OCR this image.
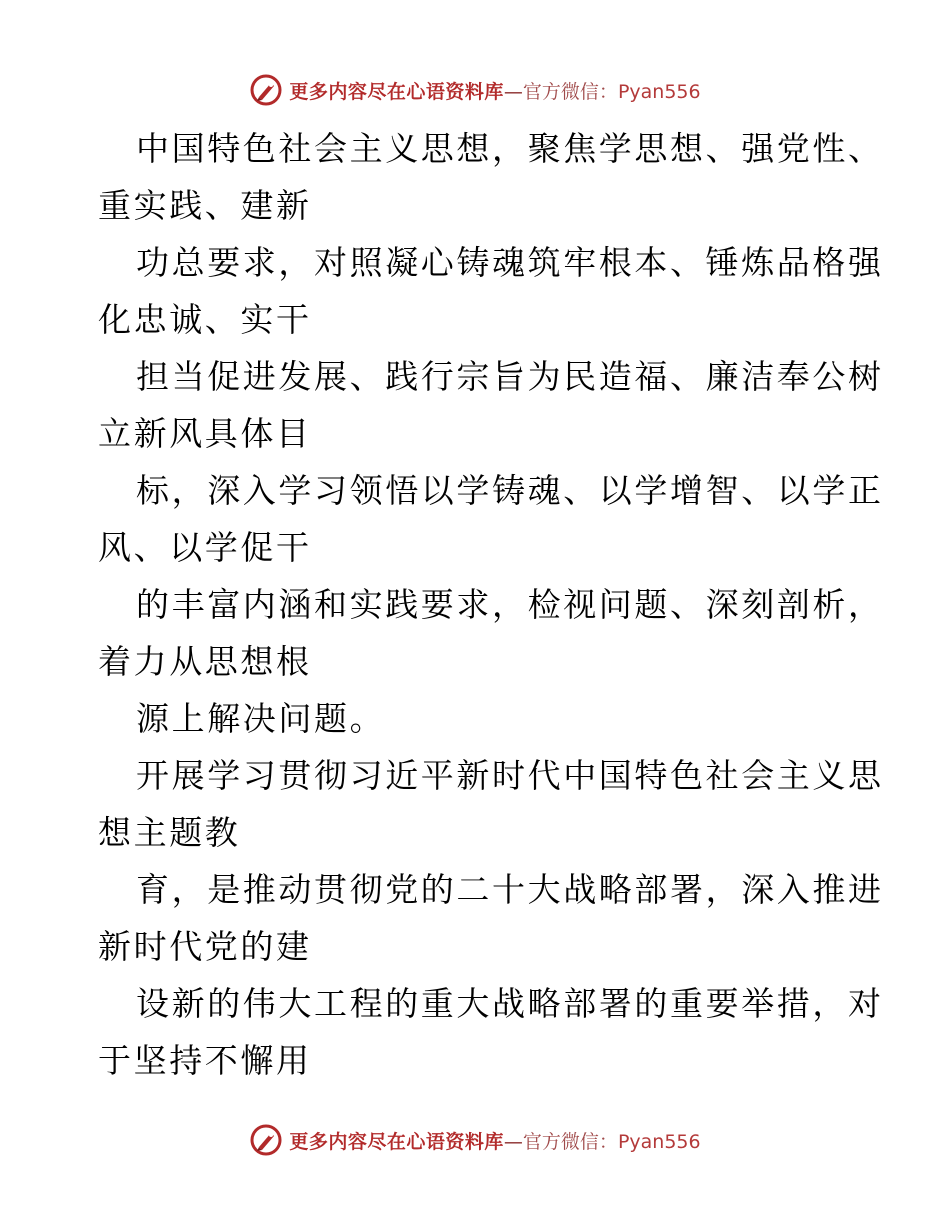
更多内容尽在心语资料库 — 官方微信： Pyan556
中国特色社会主义思想，聚焦学思想、强党性、
重实践、建新
功总要求，对照凝心铸魂筑牢根本、锤炼品格强
化忠诚、实干
担当促进发展、践行宗旨为民造福、廉洁奉公树
立新风具体目
标，深入学习领悟以学铸魂、以学增智、以学正
风、以学促干
的丰富内涵和实践要求，检视问题、深刻剖析，
着力从思想根
源上解决问题。
开展学习贯彻习近平新时代中国特色社会主义思
想主题教
育，是推动贯彻党的二十大战略部署，深入推进
新时代党的建
设新的伟大工程的重大战略部署的重要举措，对
于坚持不懈用
更多内容尽在心语资料库 — 官方微信： Pyan556
